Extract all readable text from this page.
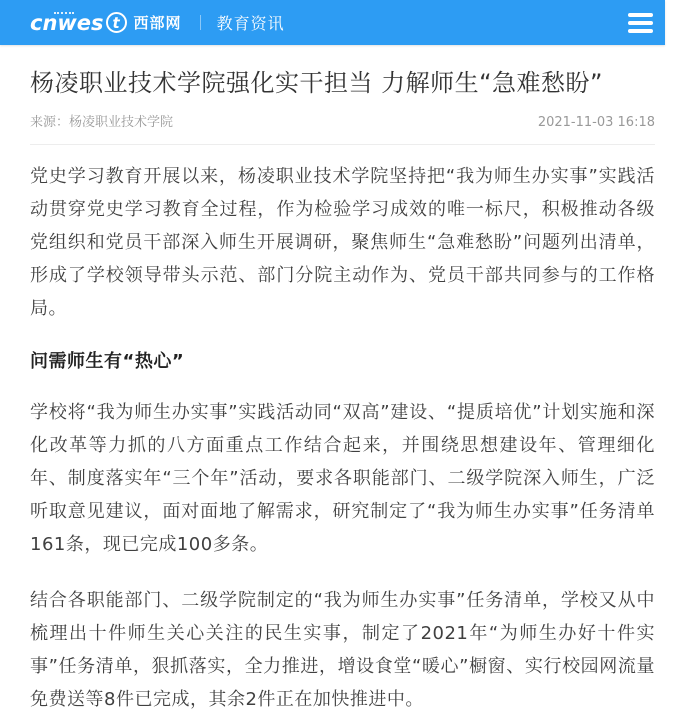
cnwes t 西部网 教育资讯
杨凌职业技术学院强化实干担当 力解师生“急难愁盼”
来源：杨凌职业技术学院	2021-11-03 16:18

党史学习教育开展以来，杨凌职业技术学院坚持把“我为师生办实事”实践活动贯穿党史学习教育全过程，作为检验学习成效的唯一标尺，积极推动各级党组织和党员干部深入师生开展调研，聚焦师生“急难愁盼”问题列出清单，形成了学校领导带头示范、部门分院主动作为、党员干部共同参与的工作格局。

问需师生有“热心”

学校将“我为师生办实事”实践活动同“双高”建设、“提质培优”计划实施和深化改革等力抓的八方面重点工作结合起来，并围绕思想建设年、管理细化年、制度落实年“三个年”活动，要求各职能部门、二级学院深入师生，广泛听取意见建议，面对面地了解需求，研究制定了“我为师生办实事”任务清单161条，现已完成100多条。

结合各职能部门、二级学院制定的“我为师生办实事”任务清单，学校又从中梳理出十件师生关心关注的民生实事，制定了2021年“为师生办好十件实事”任务清单，狠抓落实，全力推进，增设食堂“暖心”橱窗、实行校园网流量免费送等8件已完成，其余2件正在加快推进中。
